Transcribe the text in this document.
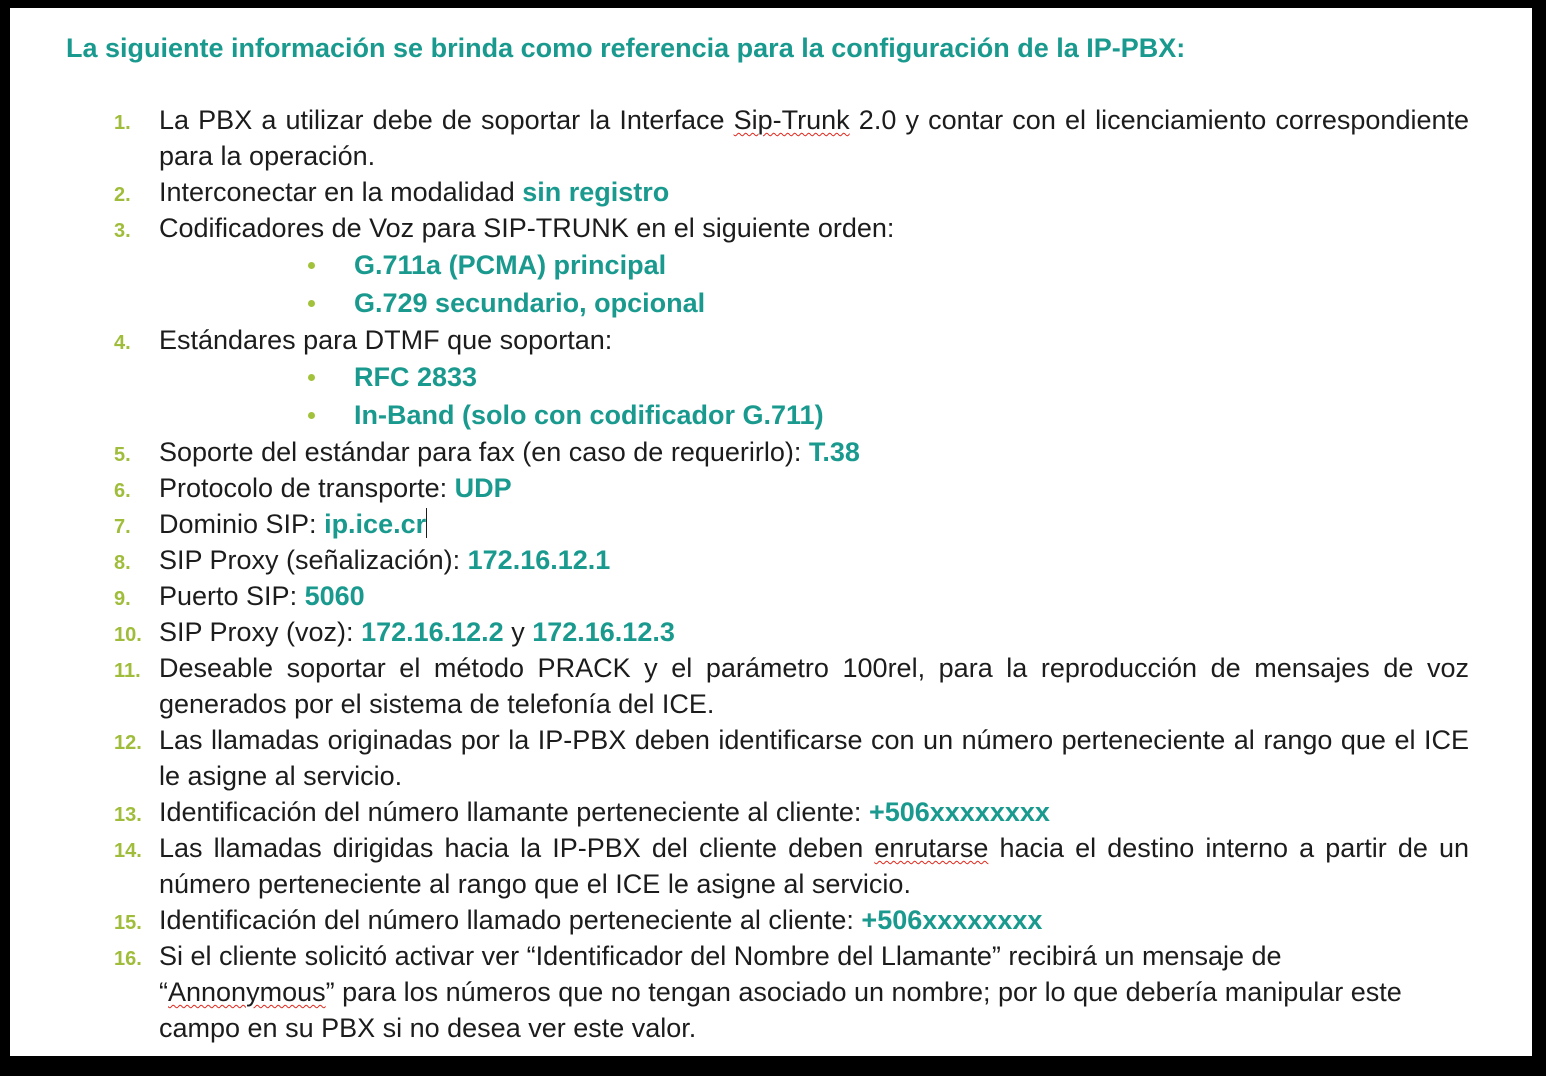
La siguiente información se brinda como referencia para la configuración de la IP-PBX:
1. La PBX a utilizar debe de soportar la Interface Sip-Trunk 2.0 y contar con el licenciamiento correspondiente para la operación.
2. Interconectar en la modalidad sin registro
3. Codificadores de Voz para SIP-TRUNK en el siguiente orden:
G.711a (PCMA) principal
G.729 secundario, opcional
4. Estándares para DTMF que soportan:
RFC 2833
In-Band (solo con codificador G.711)
5. Soporte del estándar para fax (en caso de requerirlo): T.38
6. Protocolo de transporte: UDP
7. Dominio SIP: ip.ice.cr
8. SIP Proxy (señalización): 172.16.12.1
9. Puerto SIP: 5060
10. SIP Proxy (voz): 172.16.12.2 y 172.16.12.3
11. Deseable soportar el método PRACK y el parámetro 100rel, para la reproducción de mensajes de voz generados por el sistema de telefonía del ICE.
12. Las llamadas originadas por la IP-PBX deben identificarse con un número perteneciente al rango que el ICE le asigne al servicio.
13. Identificación del número llamante perteneciente al cliente: +506xxxxxxxx
14. Las llamadas dirigidas hacia la IP-PBX del cliente deben enrutarse hacia el destino interno a partir de un número perteneciente al rango que el ICE le asigne al servicio.
15. Identificación del número llamado perteneciente al cliente: +506xxxxxxxx
16. Si el cliente solicitó activar ver “Identificador del Nombre del Llamante” recibirá un mensaje de
“Annonymous” para los números que no tengan asociado un nombre; por lo que debería manipular este campo en su PBX si no desea ver este valor.
